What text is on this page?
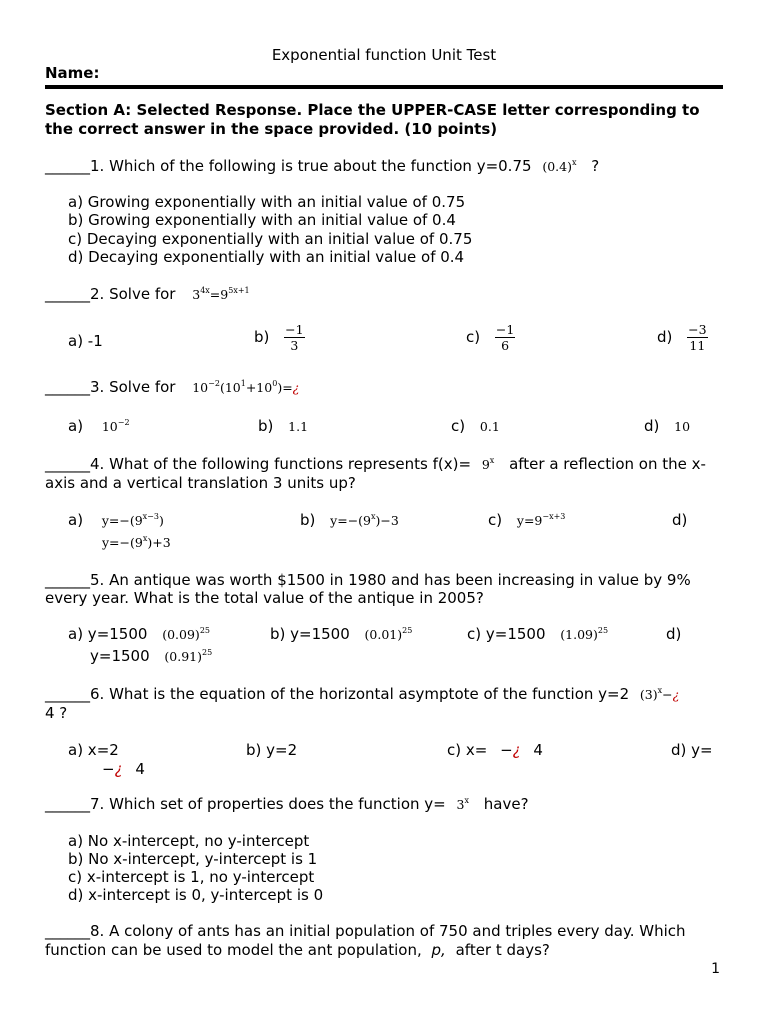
Exponential function Unit Test
Name:
Section A: Selected Response. Place the UPPER-CASE letter corresponding to
the correct answer in the space provided. (10 points)
______1. Which of the following is true about the function y=0.75 $(0.4)^x$ ?
a) Growing exponentially with an initial value of 0.75
b) Growing exponentially with an initial value of 0.4
c) Decaying exponentially with an initial value of 0.75
d) Decaying exponentially with an initial value of 0.4
______2. Solve for $3^{4x}=9^{5x+1}$
a) -1	$b) \frac{-1}{3}$	$c) \frac{-1}{6}$	$d) \frac{-3}{11}$
______3. Solve for $10^{-2}(10^1+10^0)=¿$
a) $10^{-2}$	b) 1.1	c) 0.1	d) 10
______4. What of the following functions represents $f(x)= 9^x$ after a reflection on the x-
axis and a vertical translation 3 units up?
a) $y=-(9^{x-3})$	b) $y=-(9^x)-3$	c) $y=9^{-x+3}$	d)
$y=-(9^x)+3$
______5. An antique was worth $1500 in 1980 and has been increasing in value by 9%
every year. What is the total value of the antique in 2005?
a) y=1500 $(0.09)^{25}$	b) y=1500 $(0.01)^{25}$	c) y=1500 $(1.09)^{25}$	d)
y=1500 $(0.91)^{25}$
______6. What is the equation of the horizontal asymptote of the function y=2 $(3)^x-¿$
4 ?
a) x=2	b) y=2	c) x= −¿ 4	d) y=
−¿ 4
______7. Which set of properties does the function $y= 3^x$ have?
a) No x-intercept, no y-intercept
b) No x-intercept, y-intercept is 1
c) x-intercept is 1, no y-intercept
d) x-intercept is 0, y-intercept is 0
______8. A colony of ants has an initial population of 750 and triples every day. Which
function can be used to model the ant population, p, after t days?
1
